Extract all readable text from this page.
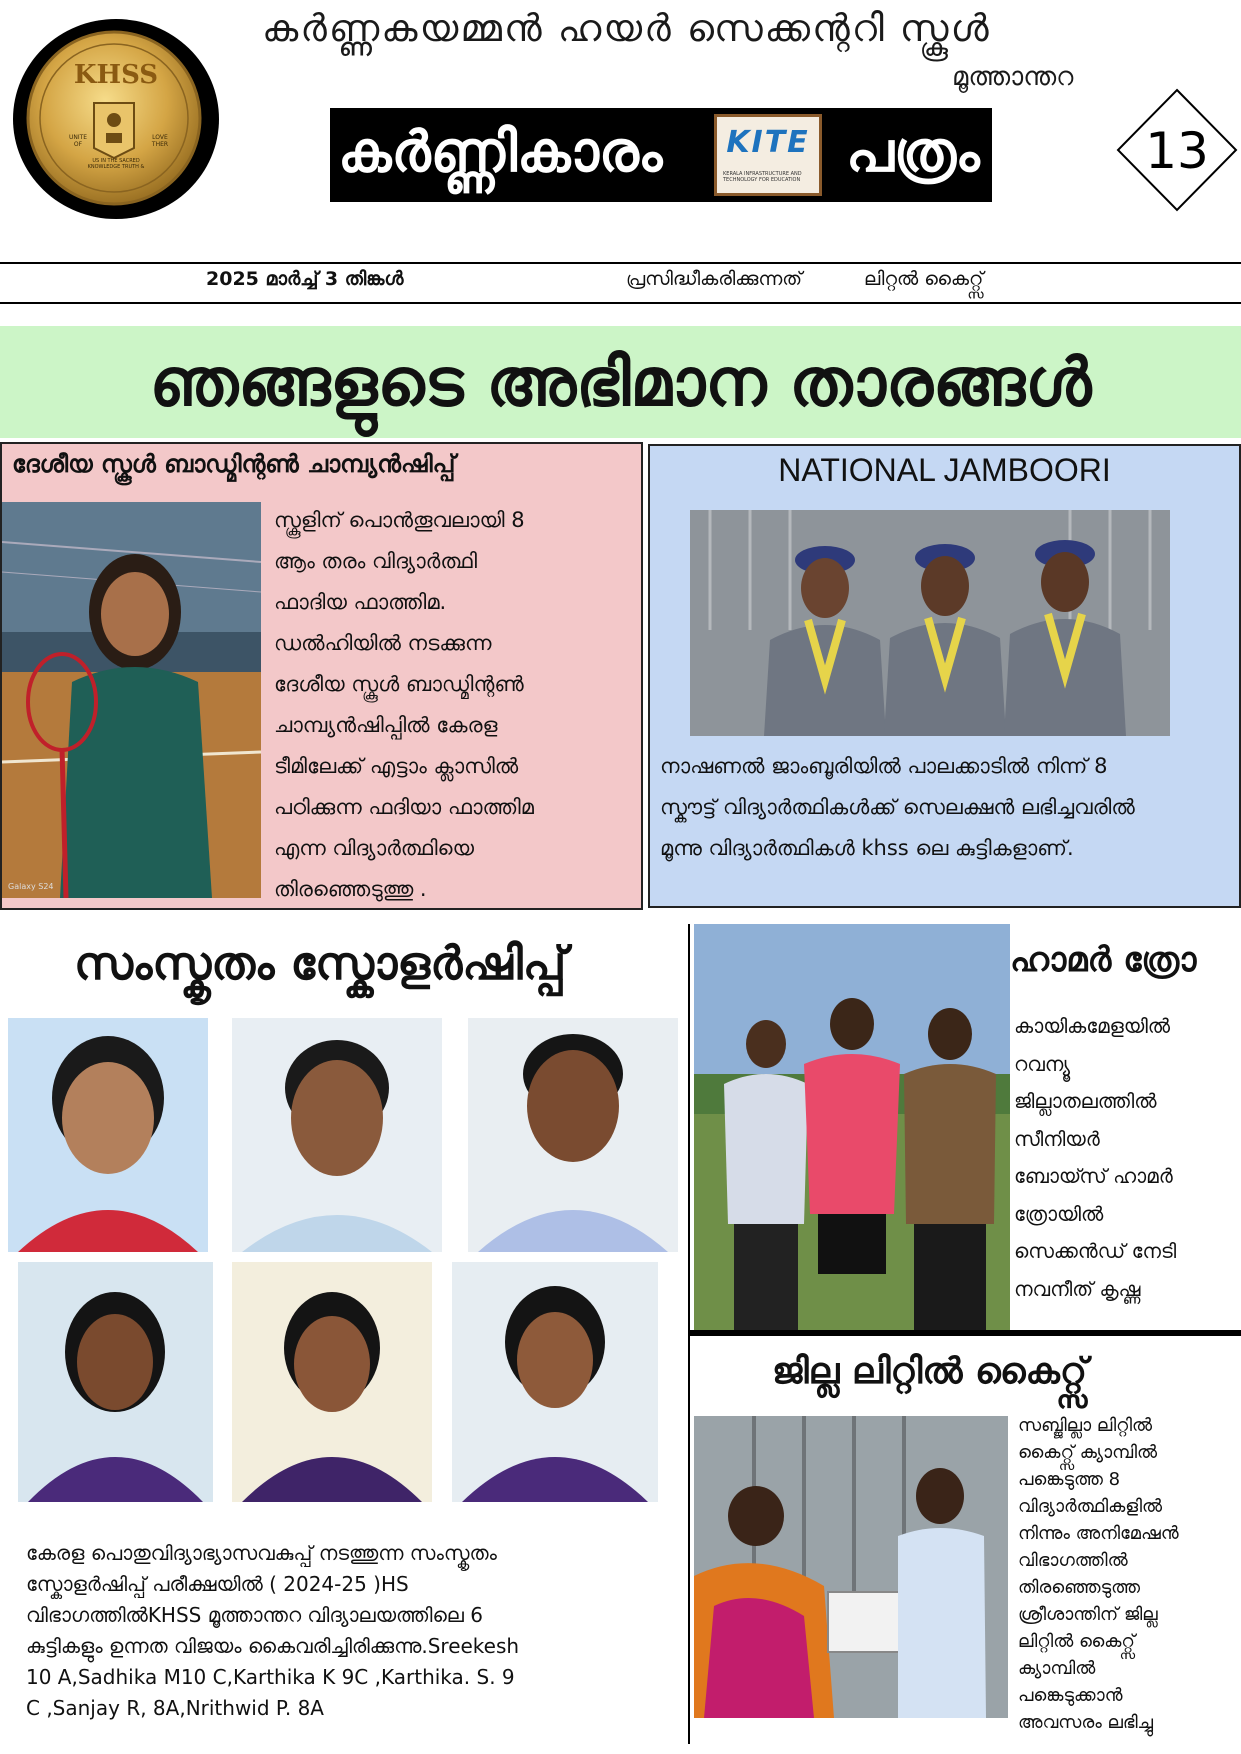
KHSS
UNITE OF
LOVE THER
US IN THE SACRED KNOWLEDGE TRUTH &
കർണ്ണകയമ്മൻ ഹയർ സെക്കന്ററി സ്കൂൾ
മൂത്താന്തറ
കർണ്ണികാരം	KITE
KERALA INFRASTRUCTURE AND TECHNOLOGY FOR EDUCATION പത്രം	13
2025 മാർച്ച് 3 തിങ്കൾ	പ്രസിദ്ധീകരിക്കുന്നത്	ലിറ്റൽ കൈറ്റ്സ്
ഞങ്ങളുടെ അഭിമാന താരങ്ങൾ
ദേശീയ സ്കൂൾ ബാഡ്മിന്റൺ ചാമ്പ്യൻഷിപ്പ്
Galaxy S24
സ്കൂളിന് പൊൻതൂവലായി 8
ആം തരം വിദ്യാർത്ഥി
ഫാദിയ ഫാത്തിമ.
ഡൽഹിയിൽ നടക്കുന്ന
ദേശീയ സ്കൂൾ ബാഡ്മിന്റൺ
ചാമ്പ്യൻഷിപ്പിൽ കേരള
ടീമിലേക്ക് എട്ടാം ക്ലാസിൽ
പഠിക്കുന്ന ഫദിയാ ഫാത്തിമ
എന്ന വിദ്യാർത്ഥിയെ
തിരഞ്ഞെടുത്തു .
NATIONAL JAMBOORI
നാഷണൽ ജാംബൂരിയിൽ പാലക്കാടിൽ നിന്ന് 8
സ്കൗട്ട് വിദ്യാർത്ഥികൾക്ക് സെലക്ഷൻ ലഭിച്ചവരിൽ
മൂന്നു വിദ്യാർത്ഥികൾ khss ലെ കുട്ടികളാണ്.
സംസ്കൃതം സ്കോളർഷിപ്പ്
കേരള പൊതുവിദ്യാഭ്യാസവകുപ്പ് നടത്തുന്ന സംസ്കൃതം
സ്കോളർഷിപ്പ് പരീക്ഷയിൽ ( 2024-25 )HS
വിഭാഗത്തിൽKHSS മൂത്താന്തറ വിദ്യാലയത്തിലെ 6
കുട്ടികളും ഉന്നത വിജയം കൈവരിച്ചിരിക്കുന്നു.Sreekesh
10 A,Sadhika M10 C,Karthika K 9C ,Karthika. S. 9
C ,Sanjay R, 8A,Nrithwid P. 8A
ഹാമർ ത്രോ
കായികമേളയിൽ
റവന്യൂ
ജില്ലാതലത്തിൽ
സീനിയർ
ബോയ്സ് ഹാമർ
ത്രോയിൽ
സെക്കൻഡ് നേടി
നവനീത് കൃഷ്ണ
ജില്ല ലിറ്റിൽ കൈറ്റ്സ്
സബ്ജില്ലാ ലിറ്റിൽ
കൈറ്റ്സ് ക്യാമ്പിൽ
പങ്കെടുത്ത 8
വിദ്യാർത്ഥികളിൽ
നിന്നും അനിമേഷൻ
വിഭാഗത്തിൽ
തിരഞ്ഞെടുത്ത
ശ്രീശാന്തിന് ജില്ല
ലിറ്റിൽ കൈറ്റ്സ്
ക്യാമ്പിൽ
പങ്കെടുക്കാൻ
അവസരം ലഭിച്ചു
